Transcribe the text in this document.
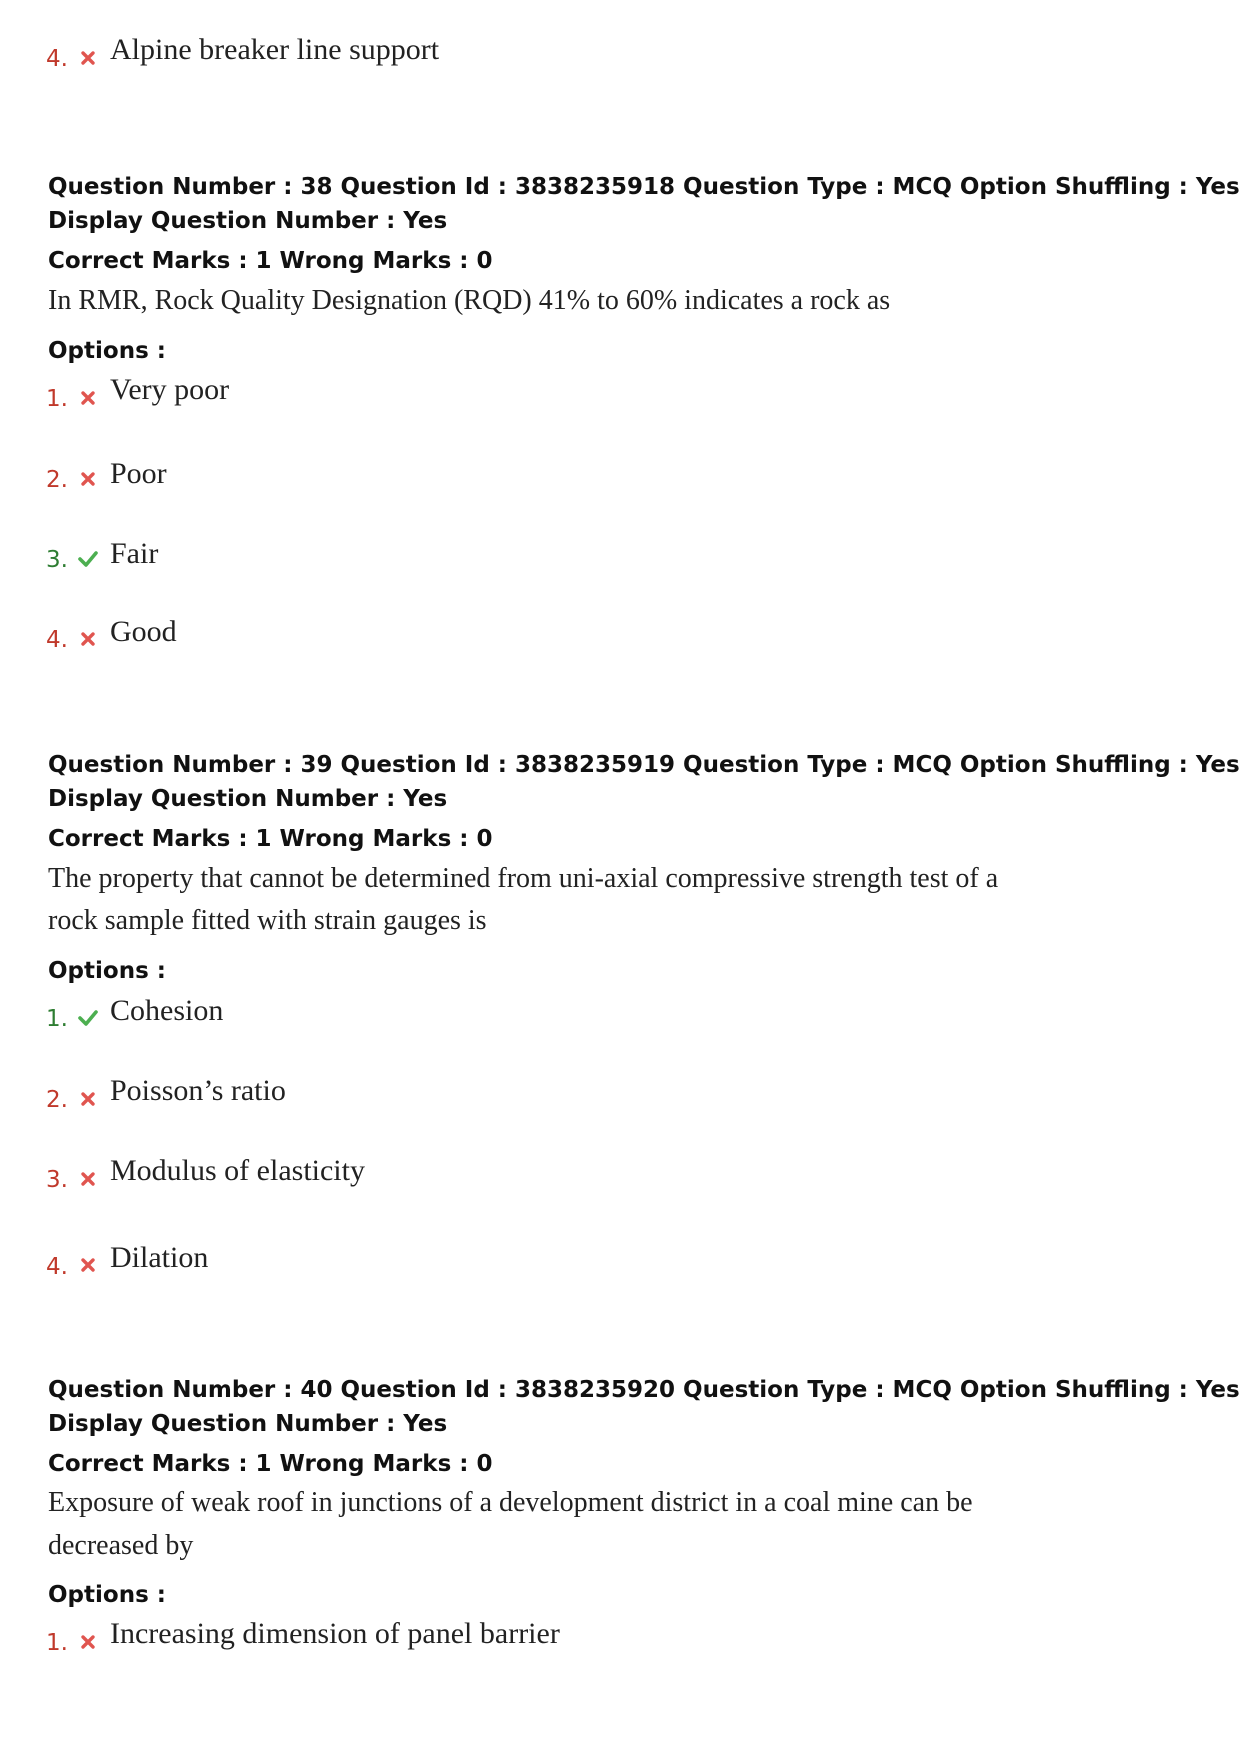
4. Alpine breaker line support
Question Number : 38 Question Id : 3838235918 Question Type : MCQ Option Shuffling : Yes
Display Question Number : Yes
Correct Marks : 1 Wrong Marks : 0
In RMR, Rock Quality Designation (RQD) 41% to 60% indicates a rock as
Options :
1. Very poor
2. Poor
3. Fair
4. Good
Question Number : 39 Question Id : 3838235919 Question Type : MCQ Option Shuffling : Yes
Display Question Number : Yes
Correct Marks : 1 Wrong Marks : 0
The property that cannot be determined from uni-axial compressive strength test of a
rock sample fitted with strain gauges is
Options :
1. Cohesion
2. Poisson’s ratio
3. Modulus of elasticity
4. Dilation
Question Number : 40 Question Id : 3838235920 Question Type : MCQ Option Shuffling : Yes
Display Question Number : Yes
Correct Marks : 1 Wrong Marks : 0
Exposure of weak roof in junctions of a development district in a coal mine can be
decreased by
Options :
1. Increasing dimension of panel barrier
